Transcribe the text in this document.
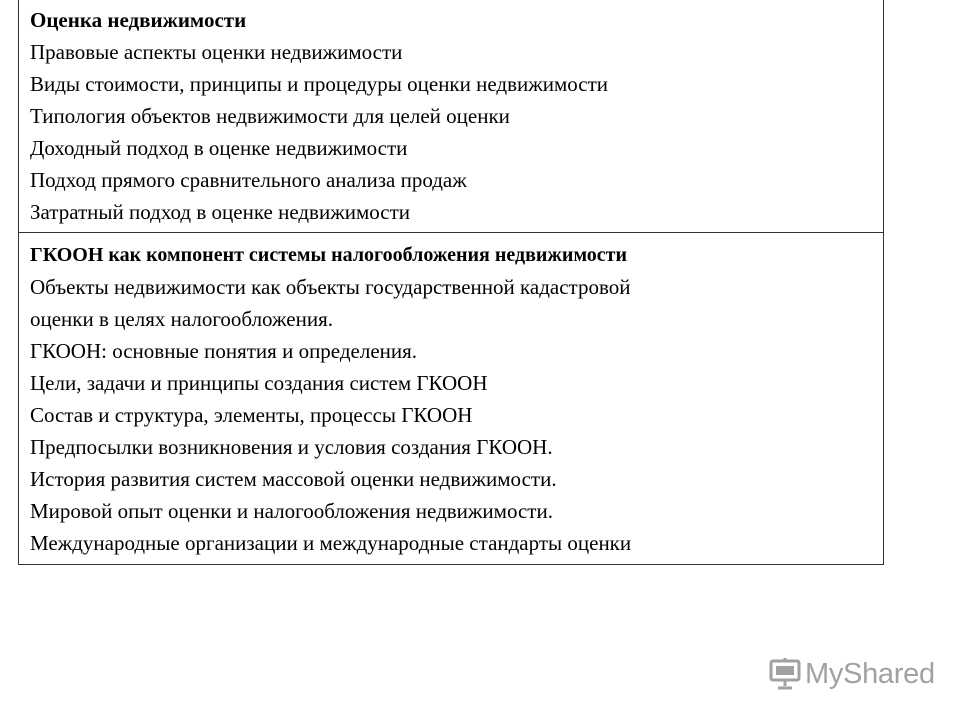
Оценка недвижимости
Правовые аспекты оценки недвижимости
Виды стоимости, принципы и процедуры оценки недвижимости
Типология объектов недвижимости для целей оценки
Доходный подход в оценке недвижимости
Подход прямого сравнительного анализа продаж
Затратный подход в оценке недвижимости
ГКООН как компонент системы налогообложения недвижимости
Объекты недвижимости как объекты государственной кадастровой
оценки в целях налогообложения.
ГКООН: основные понятия и определения.
Цели, задачи и принципы создания систем ГКООН
Состав и структура, элементы, процессы ГКООН
Предпосылки возникновения и условия создания ГКООН.
История развития систем массовой оценки недвижимости.
Мировой опыт оценки и налогообложения недвижимости.
Международные организации и международные стандарты оценки
MyShared
